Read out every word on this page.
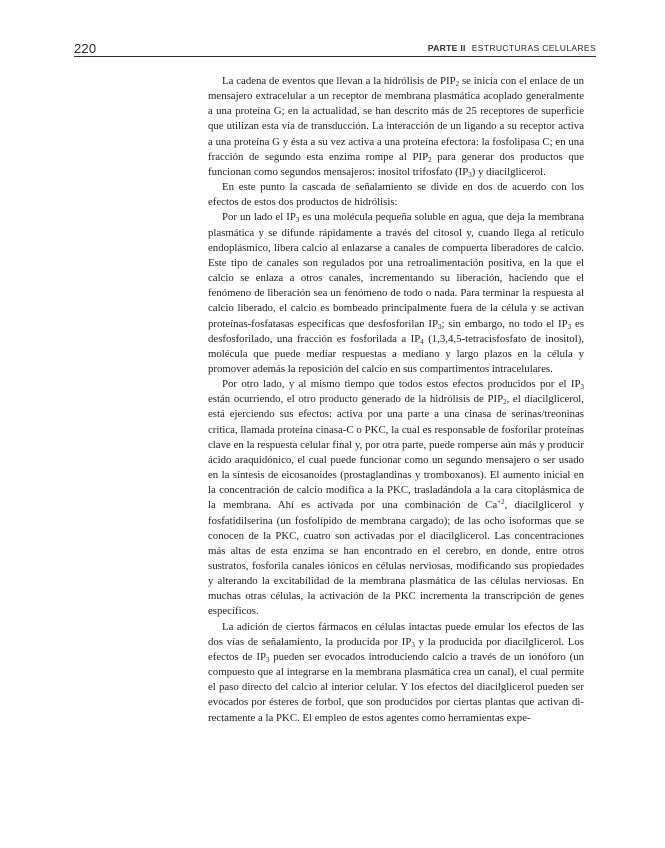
220	PARTE II ESTRUCTURAS CELULARES

La cadena de eventos que llevan a la hidrólisis de $PIP_2$ se inicia con el enlace de un mensajero extracelular a un receptor de membrana plasmática acoplado generalmente a una proteína G; en la actualidad, se han descrito más de 25 receptores de superficie que utilizan esta vía de transducción. La interacción de un ligando a su receptor activa a una proteína G y ésta a su vez activa a una proteína efectora: la fosfolipasa C; en una fracción de segundo esta enzima rompe al $PIP_2$ para generar dos productos que funcionan como segundos mensajeros: inositol trifosfato $(IP_3)$ y diacilglicerol.

En este punto la cascada de señalamiento se divide en dos de acuerdo con los efectos de estos dos productos de hidrólisis:

Por un lado el $IP_3$ es una molécula pequeña soluble en agua, que deja la membrana plasmática y se difunde rápidamente a través del citosol y, cuando llega al retículo endoplásmico, libera calcio al enlazarse a canales de compuerta liberadores de calcio. Este tipo de canales son regulados por una retroalimentación positiva, en la que el calcio se enlaza a otros canales, incrementando su liberación, haciendo que el fenómeno de liberación sea un fenómeno de todo o nada. Para terminar la respuesta al calcio liberado, el calcio es bombeado principalmente fuera de la célula y se activan proteínas-fosfatasas específicas que desfosforilan $IP_3$; sin embargo, no todo el $IP_3$ es desfosforilado, una fracción es fosforilada a $IP_4$ (1,3,4,5-tetracisfosfato de inositol), molécula que puede mediar respuestas a mediano y largo plazos en la célula y promover además la reposición del calcio en sus compartimentos intracelulares.

Por otro lado, y al mismo tiempo que todos estos efectos producidos por el $IP_3$ están ocurriendo, el otro producto generado de la hidrólisis de $PIP_2$, el diacilglicerol, está ejerciendo sus efectos: activa por una parte a una cinasa de serinas/treoninas crítica, llamada proteína cinasa-C o PKC, la cual es responsable de fosforilar proteínas clave en la respuesta celular final y, por otra parte, puede romperse aún más y producir ácido araquidónico, el cual puede funcionar como un segundo mensajero o ser usado en la síntesis de eicosanoides (prostaglandinas y tromboxanos). El aumento inicial en la concentración de calcio modifica a la PKC, trasladándola a la cara citoplásmica de la membrana. Ahí es activada por una combinación de $Ca^{+2}$, diacilglicerol y fosfatidilserina (un fosfolípido de membrana cargado); de las ocho isoformas que se conocen de la PKC, cuatro son activadas por el diacilglicerol. Las concentraciones más altas de esta enzima se han encontrado en el cerebro, en donde, entre otros sustratos, fosforila canales iónicos en células nerviosas, modificando sus propiedades y alterando la excitabilidad de la membrana plasmática de las células nerviosas. En muchas otras células, la activación de la PKC incrementa la transcripción de genes específicos.

La adición de ciertos fármacos en células intactas puede emular los efectos de las dos vías de señalamiento, la producida por $IP_3$ y la producida por diacilglicerol. Los efectos de $IP_3$ pueden ser evocados introduciendo calcio a través de un ionóforo (un compuesto que al integrarse en la membrana plasmática crea un canal), el cual permite el paso directo del calcio al interior celular. Y los efectos del diacilglicerol pueden ser evocados por ésteres de forbol, que son producidos por ciertas plantas que activan directamente a la PKC. El empleo de estos agentes como herramientas expe-
